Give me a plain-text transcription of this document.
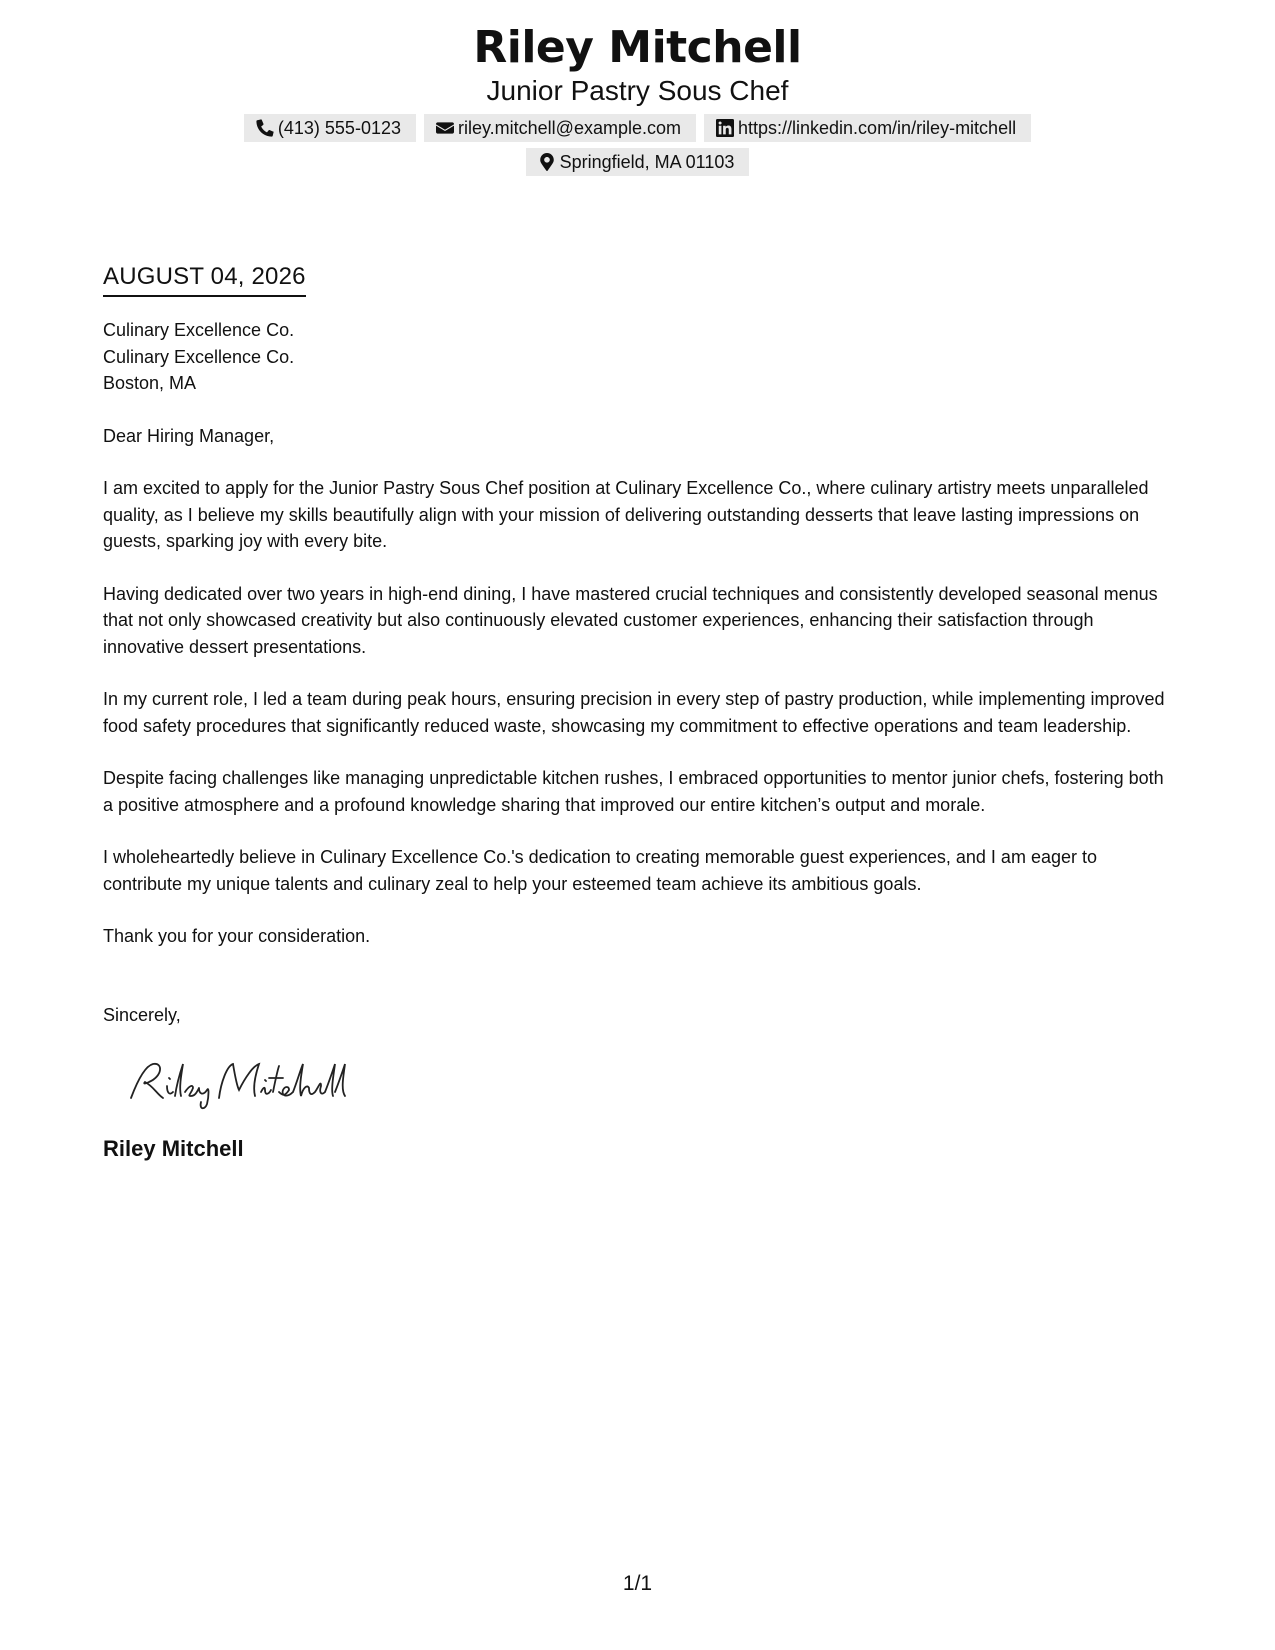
Riley Mitchell
Junior Pastry Sous Chef
(413) 555-0123	riley.mitchell@example.com	https://linkedin.com/in/riley-mitchell
Springfield, MA 01103
AUGUST 04, 2026
Culinary Excellence Co.
Culinary Excellence Co.
Boston, MA
Dear Hiring Manager,

I am excited to apply for the Junior Pastry Sous Chef position at Culinary Excellence Co., where culinary artistry meets unparalleled quality, as I believe my skills beautifully align with your mission of delivering outstanding desserts that leave lasting impressions on guests, sparking joy with every bite.

Having dedicated over two years in high-end dining, I have mastered crucial techniques and consistently developed seasonal menus that not only showcased creativity but also continuously elevated customer experiences, enhancing their satisfaction through innovative dessert presentations.

In my current role, I led a team during peak hours, ensuring precision in every step of pastry production, while implementing improved food safety procedures that significantly reduced waste, showcasing my commitment to effective operations and team leadership.

Despite facing challenges like managing unpredictable kitchen rushes, I embraced opportunities to mentor junior chefs, fostering both a positive atmosphere and a profound knowledge sharing that improved our entire kitchen’s output and morale.

I wholeheartedly believe in Culinary Excellence Co.'s dedication to creating memorable guest experiences, and I am eager to contribute my unique talents and culinary zeal to help your esteemed team achieve its ambitious goals.

Thank you for your consideration.

Sincerely,
Riley Mitchell
1/1
